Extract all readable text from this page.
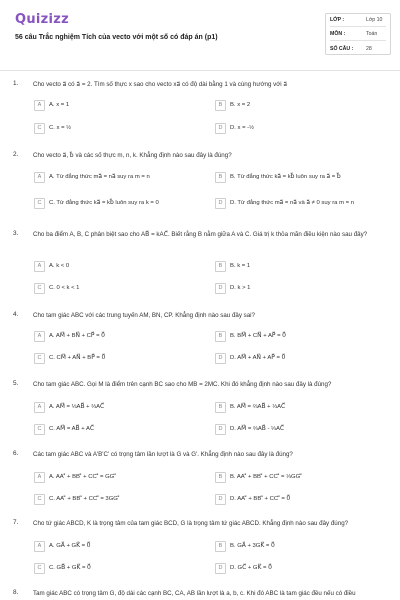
Quizizz
56 câu Trắc nghiệm Tích của vecto với một số có đáp án (p1)
LỚP :	Lớp 10
MÔN :	Toán
SỐ CÂU :	28
1. Cho vecto a⃗ có a⃗ = 2. Tìm số thực x sao cho vecto xa⃗ có độ dài bằng 1 và cùng hướng với a⃗
A	A. x = 1	B	B. x = 2
C	C. x = ½	D	D. x = -½
2. Cho vecto a⃗, b⃗ và các số thực m, n, k. Khẳng định nào sau đây là đúng?
A	A. Từ đẳng thức ma⃗ = na⃗ suy ra m = n	B	B. Từ đẳng thức ka⃗ = kb⃗ luôn suy ra a⃗ = b⃗
C	C. Từ đẳng thức ka⃗ = kb⃗ luôn suy ra k = 0	D	D. Từ đẳng thức ma⃗ = na⃗ và a⃗ ≠ 0 suy ra m = n
3. Cho ba điểm A, B, C phân biệt sao cho AB⃗ = kAC⃗. Biết rằng B nằm giữa A và C. Giá trị k thỏa mãn điều kiện nào sau đây?
A	A. k < 0	B	B. k = 1
C	C. 0 < k < 1	D	D. k > 1
4. Cho tam giác ABC với các trung tuyến AM, BN, CP. Khẳng định nào sau đây sai?
A	A. AM⃗ + BN⃗ + CP⃗ = 0⃗	B	B. BM⃗ + CN⃗ + AP⃗ = 0⃗
C	C. CM⃗ + AN⃗ + BP⃗ = 0⃗	D	D. AM⃗ + AN⃗ + AP⃗ = 0⃗
5. Cho tam giác ABC. Gọi M là điểm trên cạnh BC sao cho MB = 2MC. Khi đó khẳng định nào sau đây là đúng?
A	A. AM⃗ = ⅓AB⃗ + ⅔AC⃗	B	B. AM⃗ = ⅔AB⃗ + ⅓AC⃗
C	C. AM⃗ = AB⃗ + AC⃗	D	D. AM⃗ = ⅔AB⃗ - ⅓AC⃗
6. Các tam giác ABC và A'B'C' có trọng tâm lần lượt là G và G'. Khẳng định nào sau đây là đúng?
A	A. AA'⃗ + BB'⃗ + CC'⃗ = GG'⃗	B	B. AA'⃗ + BB'⃗ + CC'⃗ = ⅓GG'⃗
C	C. AA'⃗ + BB'⃗ + CC'⃗ = 3GG'⃗	D	D. AA'⃗ + BB'⃗ + CC'⃗ = 0⃗
7. Cho tứ giác ABCD, K là trọng tâm của tam giác BCD, G là trọng tâm tứ giác ABCD. Khẳng định nào sau đây đúng?
A	A. GA⃗ + GK⃗ = 0⃗	B	B. GA⃗ + 3GK⃗ = 0⃗
C	C. GB⃗ + GK⃗ = 0⃗	D	D. GC⃗ + GK⃗ = 0⃗
8. Tam giác ABC có trọng tâm G, độ dài các cạnh BC, CA, AB lần lượt là a, b, c. Khi đó ABC là tam giác đều nếu có điều
